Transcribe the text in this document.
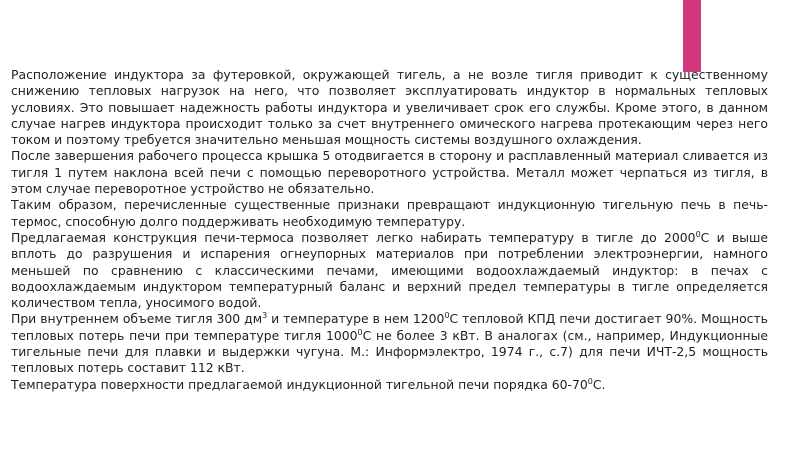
Расположение индуктора за футеровкой, окружающей тигель, а не возле тигля приводит к существенному снижению тепловых нагрузок на него, что позволяет эксплуатировать индуктор в нормальных тепловых условиях. Это повышает надежность работы индуктора и увеличивает срок его службы. Кроме этого, в данном случае нагрев индуктора происходит только за счет внутреннего омического нагрева протекающим через него током и поэтому требуется значительно меньшая мощность системы воздушного охлаждения.

После завершения рабочего процесса крышка 5 отодвигается в сторону и расплавленный материал сливается из тигля 1 путем наклона всей печи с помощью переворотного устройства. Металл может черпаться из тигля, в этом случае переворотное устройство не обязательно.

Таким образом, перечисленные существенные признаки превращают индукционную тигельную печь в печь-термос, способную долго поддерживать необходимую температуру.

Предлагаемая конструкция печи-термоса позволяет легко набирать температуру в тигле до 2000$^0$С и выше вплоть до разрушения и испарения огнеупорных материалов при потреблении электроэнергии, намного меньшей по сравнению с классическими печами, имеющими водоохлаждаемый индуктор: в печах с водоохлаждаемым индуктором температурный баланс и верхний предел температуры в тигле определяется количеством тепла, уносимого водой.

При внутреннем объеме тигля 300 $дм^3$ и температуре в нем 1200$^0$С тепловой КПД печи достигает 90%. Мощность тепловых потерь печи при температуре тигля 1000$^0$С не более 3 кВт. В аналогах (см., например, Индукционные тигельные печи для плавки и выдержки чугуна. М.: Информэлектро, 1974 г., с.7) для печи ИЧТ-2,5 мощность тепловых потерь составит 112 кВт.

Температура поверхности предлагаемой индукционной тигельной печи порядка $60-70^0С$.
